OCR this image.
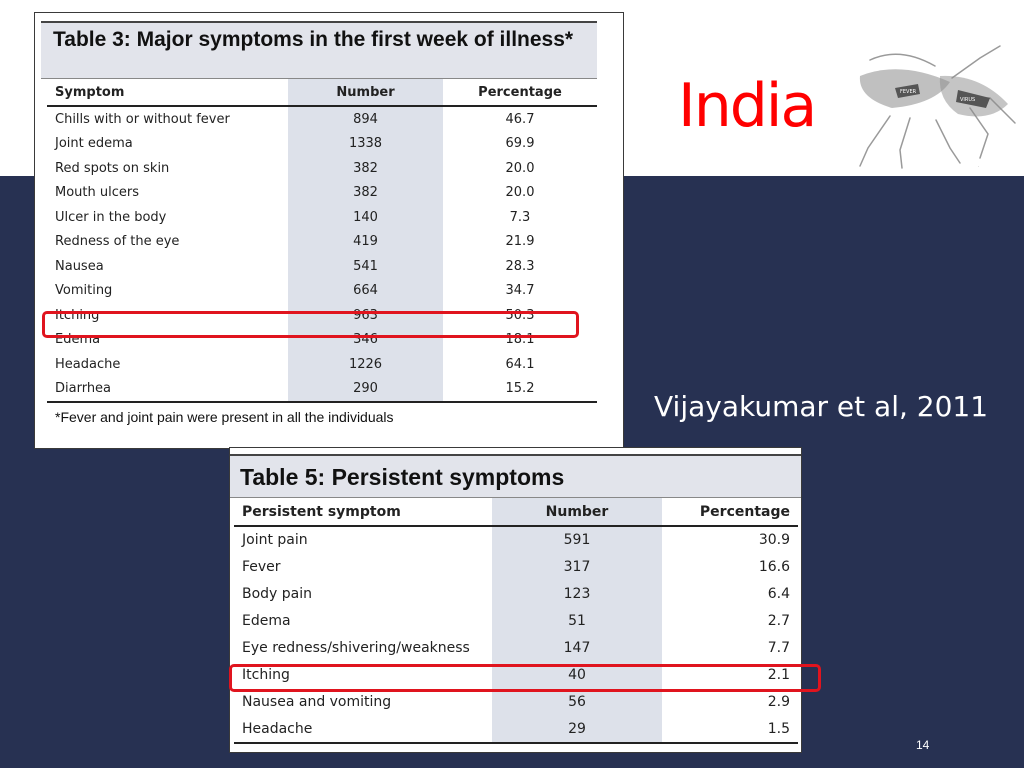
India	FEVER
VIRUS
·
Vijayakumar et al, 2011
Table 3: Major symptoms in the first week of illness*
Symptom	Number	Percentage
Chills with or without fever	894	46.7
Joint edema	1338	69.9
Red spots on skin	382	20.0
Mouth ulcers	382	20.0
Ulcer in the body	140	7.3
Redness of the eye	419	21.9
Nausea	541	28.3
Vomiting	664	34.7
Itching	963	50.3
Edema	346	18.1
Headache	1226	64.1
Diarrhea	290	15.2
*Fever and joint pain were present in all the individuals
Table 5: Persistent symptoms
Persistent symptom	Number	Percentage
Joint pain	591	30.9
Fever	317	16.6
Body pain	123	6.4
Edema	51	2.7
Eye redness/shivering/weakness	147	7.7
Itching	40	2.1
Nausea and vomiting	56	2.9
Headache	29	1.5
14
